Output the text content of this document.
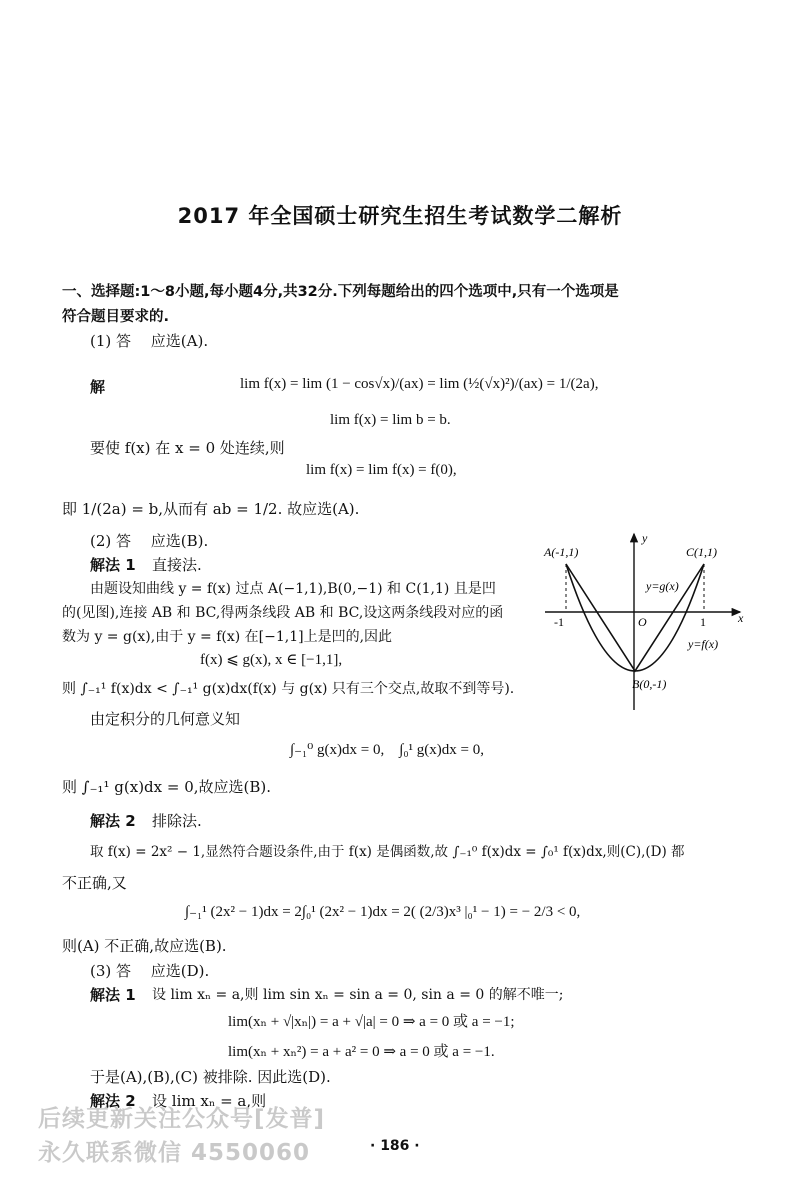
2017 年全国硕士研究生招生考试数学二解析
一、选择题:1～8小题,每小题4分,共32分.下列每题给出的四个选项中,只有一个选项是
符合题目要求的.
(1) 答　 应选(A).
解	lim f(x) = lim (1 − cos√x)/(ax) = lim (½(√x)²)/(ax) = 1/(2a),
lim f(x) = lim b = b.
要使 f(x) 在 x = 0 处连续,则
lim f(x) = lim f(x) = f(0),
即 1/(2a) = b,从而有 ab = 1/2. 故应选(A).
(2) 答　 应选(B).
解法 1 直接法.
由题设知曲线 y = f(x) 过点 A(−1,1),B(0,−1) 和 C(1,1) 且是凹
的(见图),连接 AB 和 BC,得两条线段 AB 和 BC,设这两条线段对应的函
数为 y = g(x),由于 y = f(x) 在[−1,1]上是凹的,因此
f(x) ⩽ g(x), x ∈ [−1,1],
则 ∫₋₁¹ f(x)dx < ∫₋₁¹ g(x)dx(f(x) 与 g(x) 只有三个交点,故取不到等号).
由定积分的几何意义知
∫₋₁⁰ g(x)dx = 0,　∫₀¹ g(x)dx = 0,
则 ∫₋₁¹ g(x)dx = 0,故应选(B).
解法 2 排除法.
取 f(x) = 2x² − 1,显然符合题设条件,由于 f(x) 是偶函数,故 ∫₋₁⁰ f(x)dx = ∫₀¹ f(x)dx,则(C),(D) 都
不正确,又
∫₋₁¹ (2x² − 1)dx = 2∫₀¹ (2x² − 1)dx = 2( (2/3)x³ |₀¹ − 1) = − 2/3 < 0,
则(A) 不正确,故应选(B).
A(-1,1)	C(1,1)
B(0,-1)
y=g(x)
y=f(x)
y
x
O
-1	1
(3) 答　 应选(D).
解法 1 设 lim xₙ = a,则 lim sin xₙ = sin a = 0, sin a = 0 的解不唯一;
lim(xₙ + √|xₙ|) = a + √|a| = 0 ⇒ a = 0 或 a = −1;
lim(xₙ + xₙ²) = a + a² = 0 ⇒ a = 0 或 a = −1.
于是(A),(B),(C) 被排除. 因此选(D).
解法 2 设 lim xₙ = a,则
后续更新关注公众号[发普]
永久联系微信 4550060	· 186 ·
